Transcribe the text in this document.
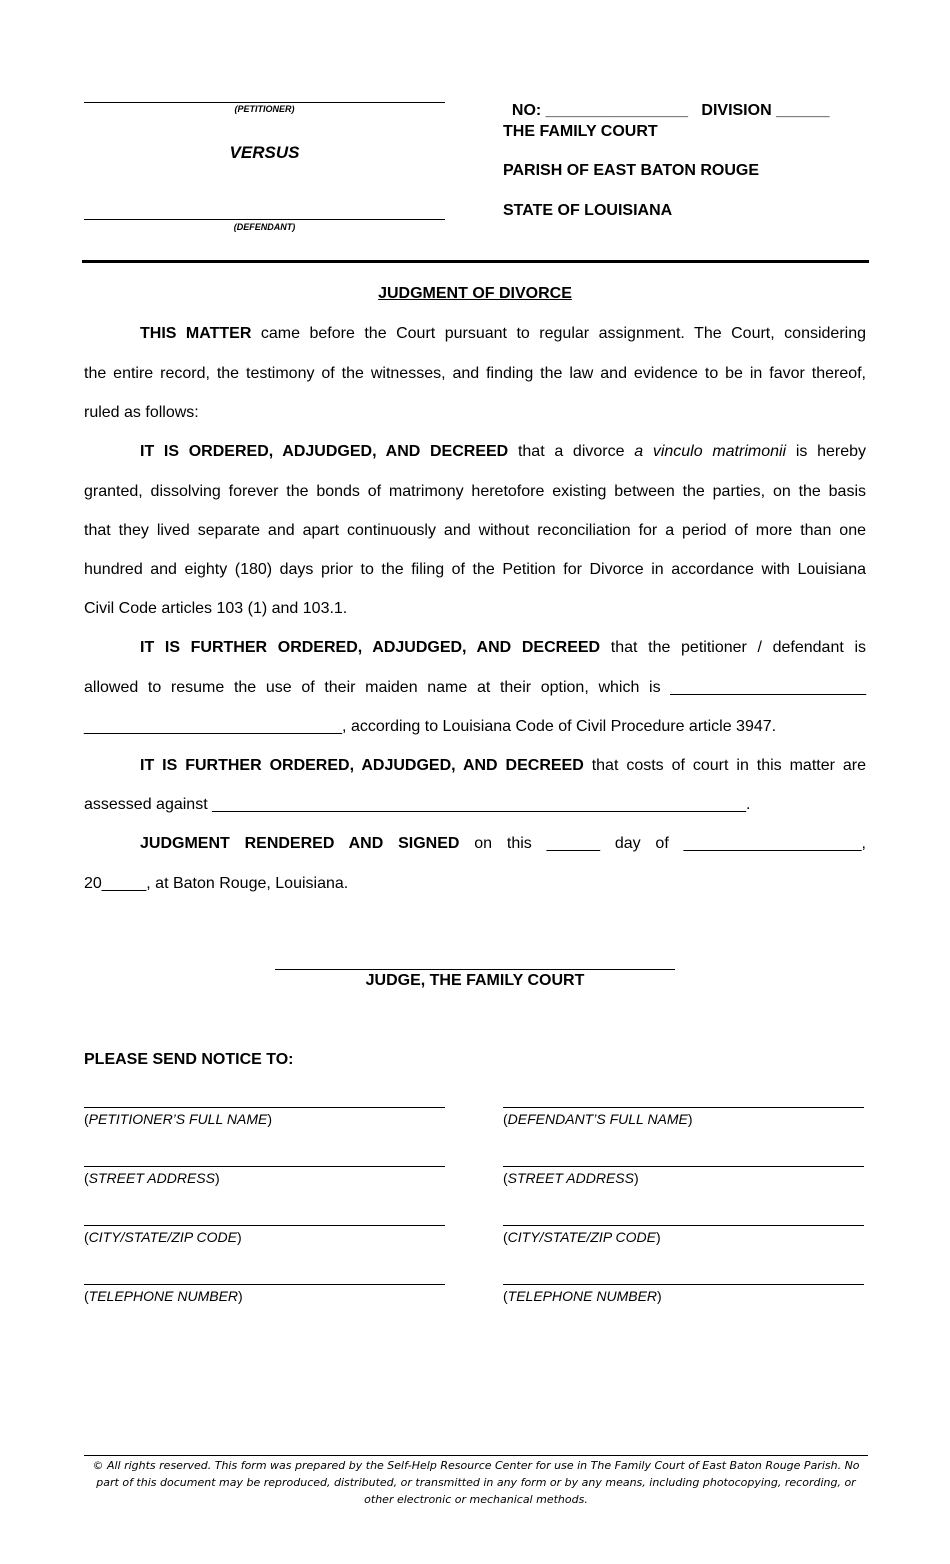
(PETITIONER)
VERSUS
(DEFENDANT)

NO: ________________ DIVISION ______

THE FAMILY COURT
PARISH OF EAST BATON ROUGE
STATE OF LOUISIANA
JUDGMENT OF DIVORCE
THIS MATTER came before the Court pursuant to regular assignment. The Court, considering
the entire record, the testimony of the witnesses, and finding the law and evidence to be in favor thereof,
ruled as follows:
IT IS ORDERED, ADJUDGED, AND DECREED that a divorce a vinculo matrimonii is hereby
granted, dissolving forever the bonds of matrimony heretofore existing between the parties, on the basis
that they lived separate and apart continuously and without reconciliation for a period of more than one
hundred and eighty (180) days prior to the filing of the Petition for Divorce in accordance with Louisiana
Civil Code articles 103 (1) and 103.1.
IT IS FURTHER ORDERED, ADJUDGED, AND DECREED that the petitioner / defendant is
allowed to resume the use of their maiden name at their option, which is ______________________
_____________________________, according to Louisiana Code of Civil Procedure article 3947.
IT IS FURTHER ORDERED, ADJUDGED, AND DECREED that costs of court in this matter are
assessed against ____________________________________________________________.
JUDGMENT RENDERED AND SIGNED on this ______ day of ____________________,
20_____, at Baton Rouge, Louisiana.
JUDGE, THE FAMILY COURT
PLEASE SEND NOTICE TO:
(PETITIONER’S FULL NAME)
(STREET ADDRESS)
(CITY/STATE/ZIP CODE)
(TELEPHONE NUMBER)
(DEFENDANT’S FULL NAME)
(STREET ADDRESS)
(CITY/STATE/ZIP CODE)
(TELEPHONE NUMBER)
© All rights reserved. This form was prepared by the Self-Help Resource Center for use in The Family Court of East Baton Rouge Parish. No
part of this document may be reproduced, distributed, or transmitted in any form or by any means, including photocopying, recording, or
other electronic or mechanical methods.
